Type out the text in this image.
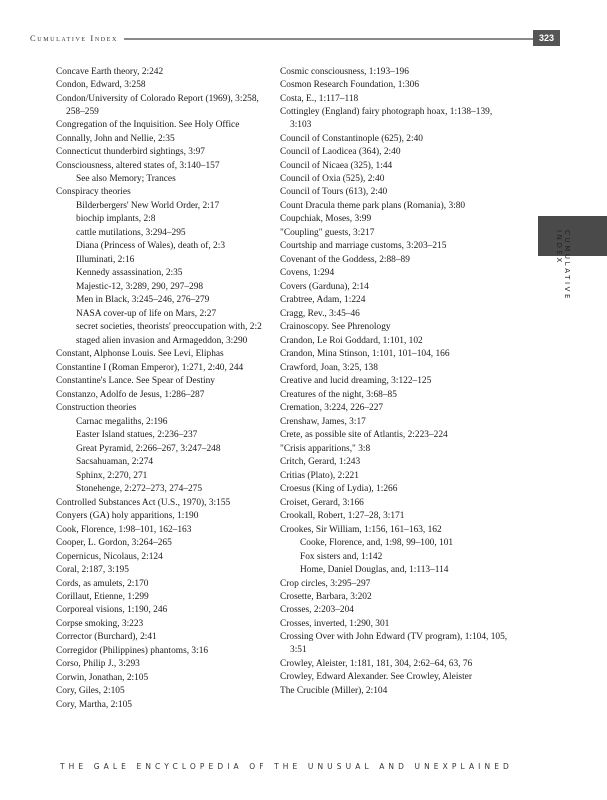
Cumulative Index	323
Concave Earth theory, 2:242
Condon, Edward, 3:258
Condon/University of Colorado Report (1969), 3:258, 258–259
Congregation of the Inquisition. See Holy Office
Connally, John and Nellie, 2:35
Connecticut thunderbird sightings, 3:97
Consciousness, altered states of, 3:140–157
See also Memory; Trances
Conspiracy theories
Bilderbergers' New World Order, 2:17
biochip implants, 2:8
cattle mutilations, 3:294–295
Diana (Princess of Wales), death of, 2:3
Illuminati, 2:16
Kennedy assassination, 2:35
Majestic-12, 3:289, 290, 297–298
Men in Black, 3:245–246, 276–279
NASA cover-up of life on Mars, 2:27
secret societies, theorists' preoccupation with, 2:2
staged alien invasion and Armageddon, 3:290
Constant, Alphonse Louis. See Levi, Eliphas
Constantine I (Roman Emperor), 1:271, 2:40, 244
Constantine's Lance. See Spear of Destiny
Constanzo, Adolfo de Jesus, 1:286–287
Construction theories
Carnac megaliths, 2:196
Easter Island statues, 2:236–237
Great Pyramid, 2:266–267, 3:247–248
Sacsahuaman, 2:274
Sphinx, 2:270, 271
Stonehenge, 2:272–273, 274–275
Controlled Substances Act (U.S., 1970), 3:155
Conyers (GA) holy apparitions, 1:190
Cook, Florence, 1:98–101, 162–163
Cooper, L. Gordon, 3:264–265
Copernicus, Nicolaus, 2:124
Coral, 2:187, 3:195
Cords, as amulets, 2:170
Corillaut, Etienne, 1:299
Corporeal visions, 1:190, 246
Corpse smoking, 3:223
Corrector (Burchard), 2:41
Corregidor (Philippines) phantoms, 3:16
Corso, Philip J., 3:293
Corwin, Jonathan, 2:105
Cory, Giles, 2:105
Cory, Martha, 2:105
Cosmic consciousness, 1:193–196
Cosmon Research Foundation, 1:306
Costa, E., 1:117–118
Cottingley (England) fairy photograph hoax, 1:138–139, 3:103
Council of Constantinople (625), 2:40
Council of Laodicea (364), 2:40
Council of Nicaea (325), 1:44
Council of Oxia (525), 2:40
Council of Tours (613), 2:40
Count Dracula theme park plans (Romania), 3:80
Coupchiak, Moses, 3:99
"Coupling" guests, 3:217
Courtship and marriage customs, 3:203–215
Covenant of the Goddess, 2:88–89
Covens, 1:294
Covers (Garduna), 2:14
Crabtree, Adam, 1:224
Cragg, Rev., 3:45–46
Crainoscopy. See Phrenology
Crandon, Le Roi Goddard, 1:101, 102
Crandon, Mina Stinson, 1:101, 101–104, 166
Crawford, Joan, 3:25, 138
Creative and lucid dreaming, 3:122–125
Creatures of the night, 3:68–85
Cremation, 3:224, 226–227
Crenshaw, James, 3:17
Crete, as possible site of Atlantis, 2:223–224
"Crisis apparitions," 3:8
Critch, Gerard, 1:243
Critias (Plato), 2:221
Croesus (King of Lydia), 1:266
Croiset, Gerard, 3:166
Crookall, Robert, 1:27–28, 3:171
Crookes, Sir William, 1:156, 161–163, 162
Cooke, Florence, and, 1:98, 99–100, 101
Fox sisters and, 1:142
Home, Daniel Douglas, and, 1:113–114
Crop circles, 3:295–297
Crosette, Barbara, 3:202
Crosses, 2:203–204
Crosses, inverted, 1:290, 301
Crossing Over with John Edward (TV program), 1:104, 105, 3:51
Crowley, Aleister, 1:181, 181, 304, 2:62–64, 63, 76
Crowley, Edward Alexander. See Crowley, Aleister
The Crucible (Miller), 2:104
CUMULATIVE INDEX
THE GALE ENCYCLOPEDIA OF THE UNUSUAL AND UNEXPLAINED
